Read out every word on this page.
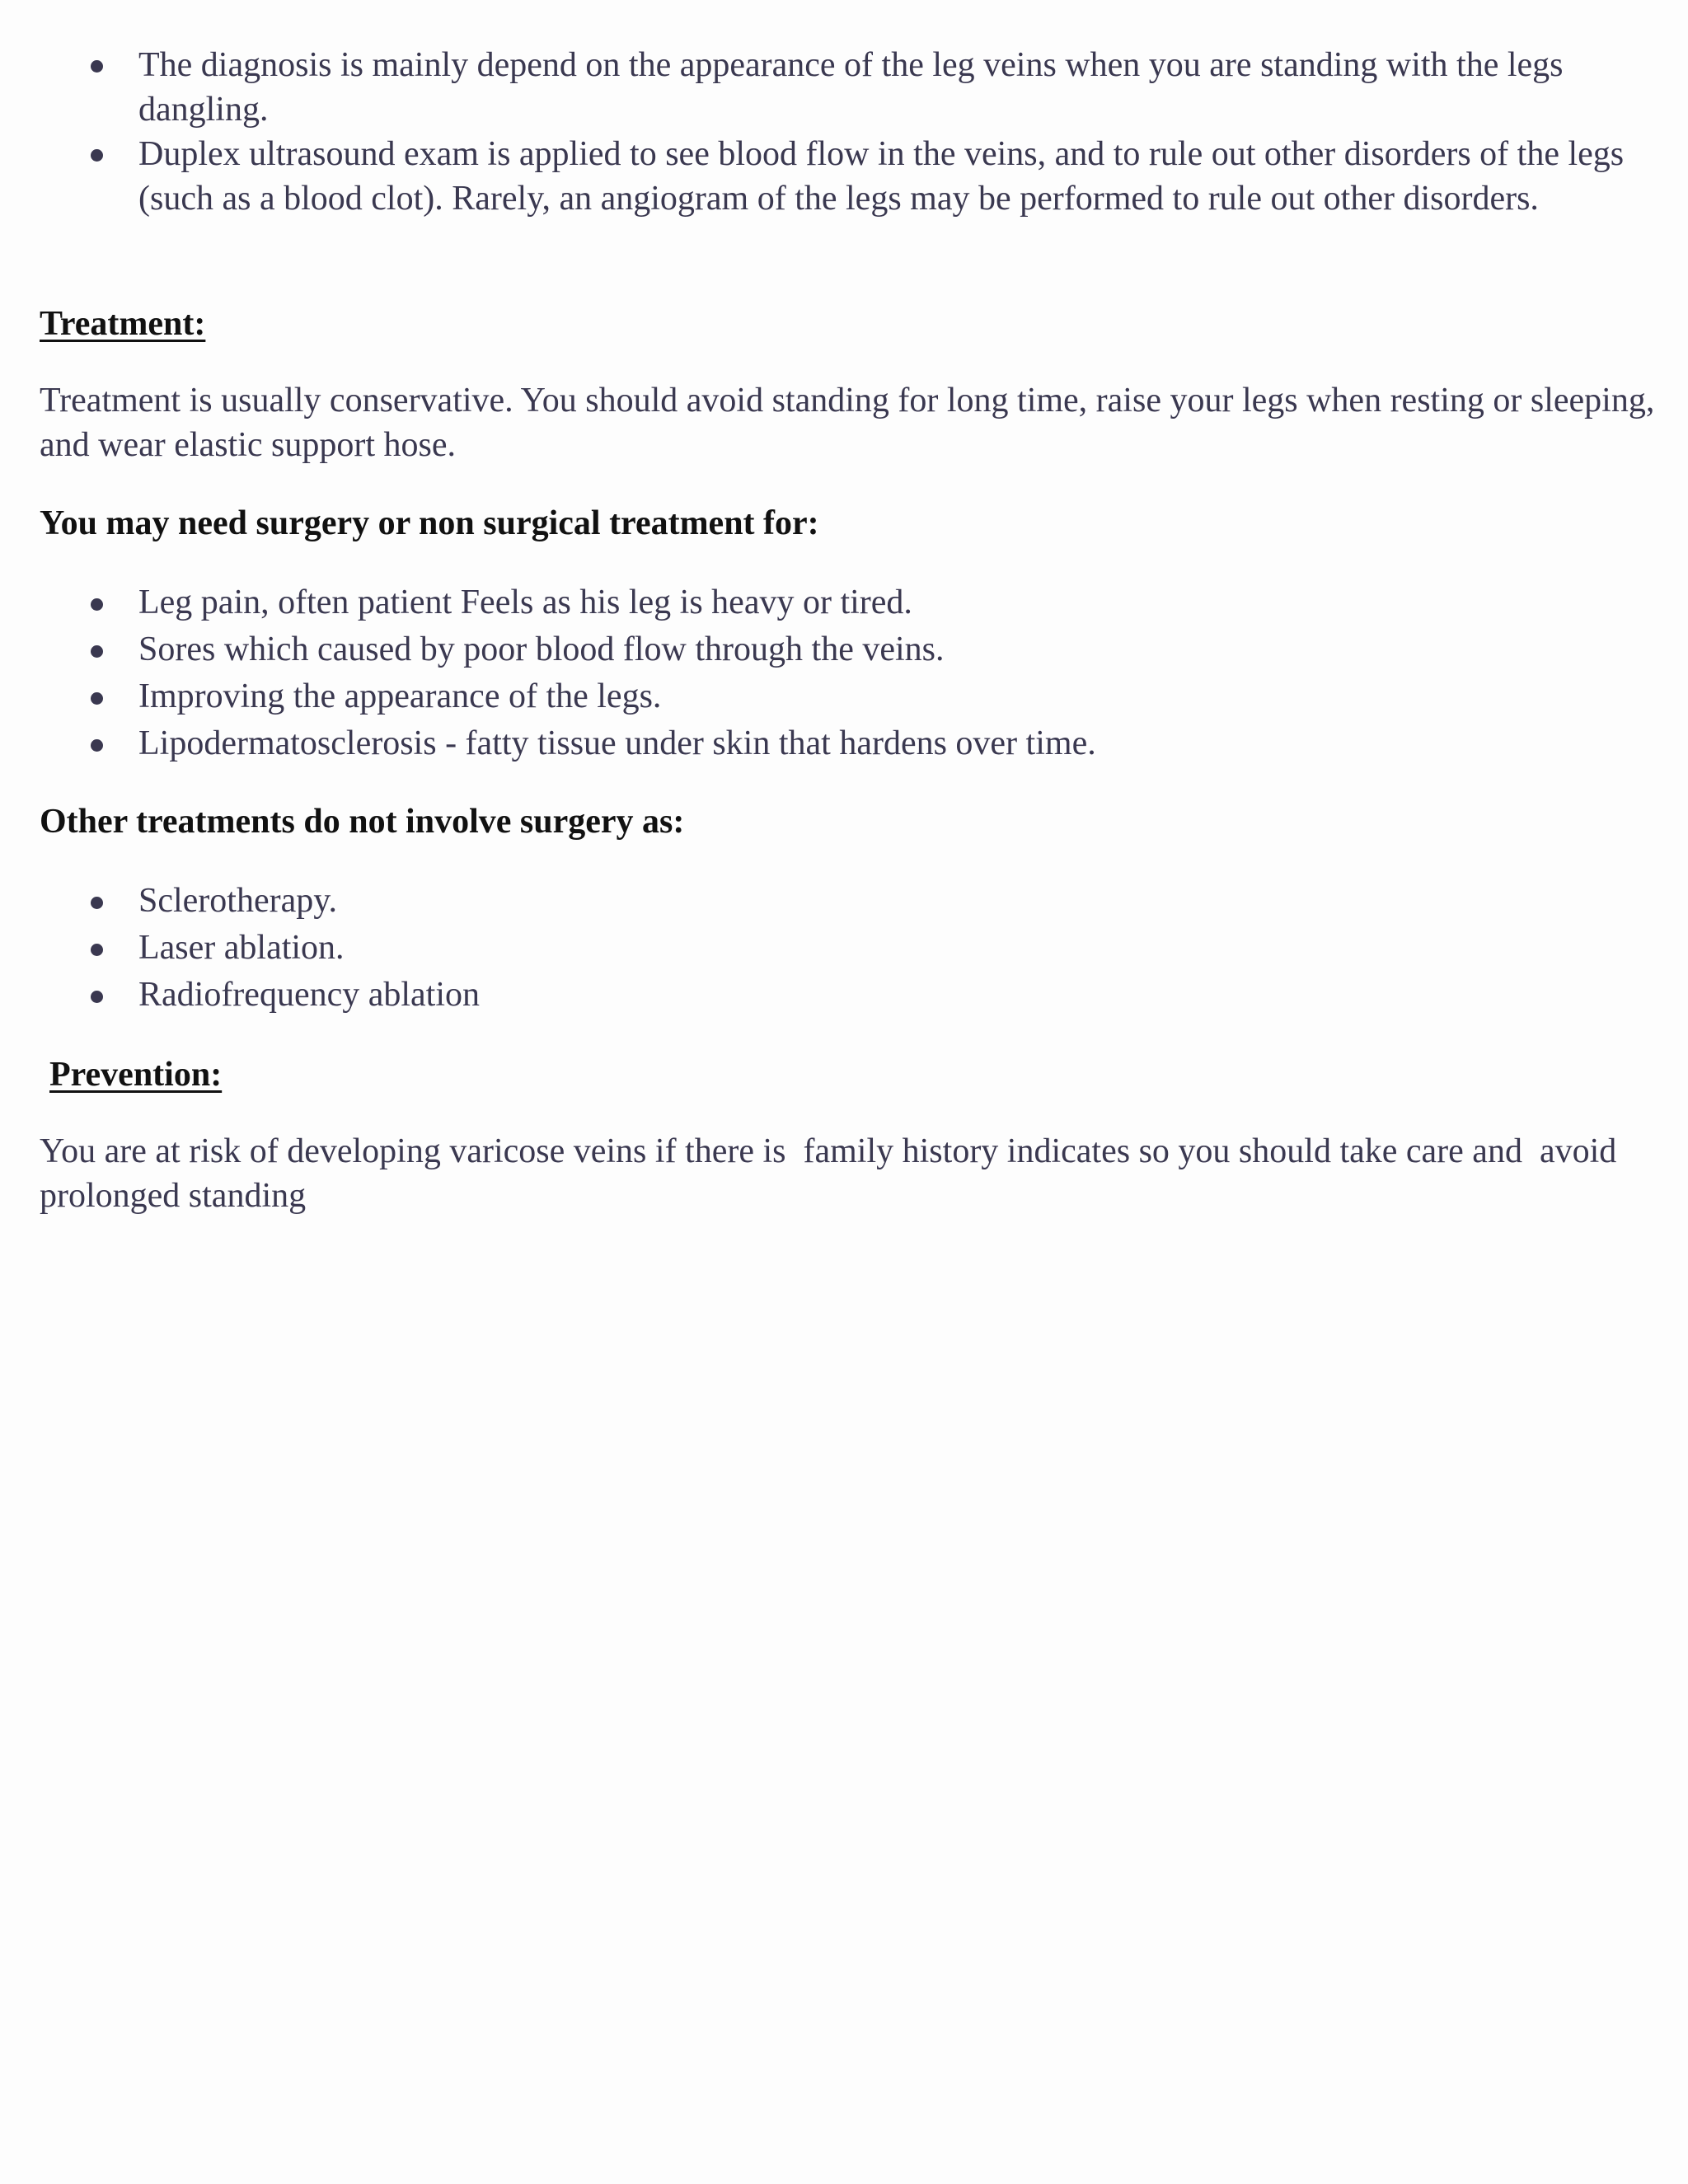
The diagnosis is mainly depend on the appearance of the leg veins when you are standing with the legs dangling.
Duplex ultrasound exam is applied to see blood flow in the veins, and to rule out other disorders of the legs (such as a blood clot). Rarely, an angiogram of the legs may be performed to rule out other disorders.

Treatment:

Treatment is usually conservative. You should avoid standing for long time, raise your legs when resting or sleeping, and wear elastic support hose.

You may need surgery or non surgical treatment for:

Leg pain, often patient Feels as his leg is heavy or tired.
Sores which caused by poor blood flow through the veins.
Improving the appearance of the legs.
Lipodermatosclerosis - fatty tissue under skin that hardens over time.

Other treatments do not involve surgery as:

Sclerotherapy.
Laser ablation.
Radiofrequency ablation

Prevention:

You are at risk of developing varicose veins if there is  family history indicates so you should take care and  avoid prolonged standing
